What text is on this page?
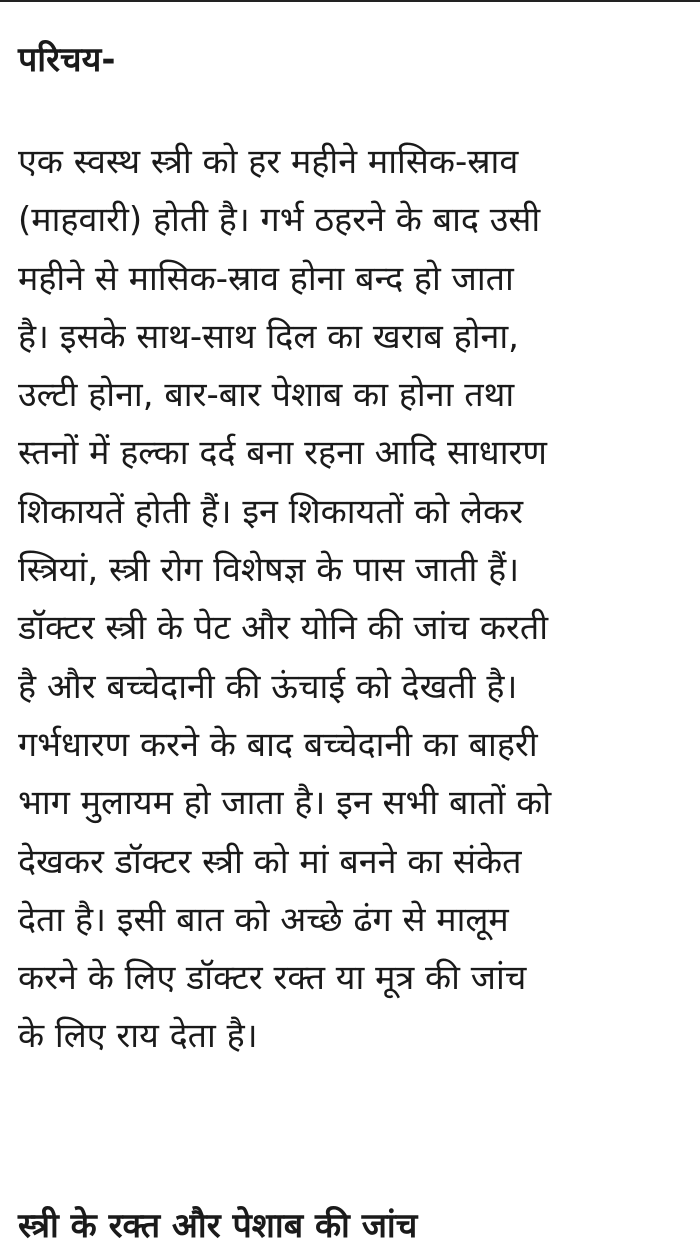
परिचय-
एक स्वस्थ स्त्री को हर महीने मासिक-स्राव
(माहवारी) होती है। गर्भ ठहरने के बाद उसी
महीने से मासिक-स्राव होना बन्द हो जाता
है। इसके साथ-साथ दिल का खराब होना,
उल्टी होना, बार-बार पेशाब का होना तथा
स्तनों में हल्का दर्द बना रहना आदि साधारण
शिकायतें होती हैं। इन शिकायतों को लेकर
स्त्रियां, स्त्री रोग विशेषज्ञ के पास जाती हैं।
डॉक्टर स्त्री के पेट और योनि की जांच करती
है और बच्चेदानी की ऊंचाई को देखती है।
गर्भधारण करने के बाद बच्चेदानी का बाहरी
भाग मुलायम हो जाता है। इन सभी बातों को
देखकर डॉक्टर स्त्री को मां बनने का संकेत
देता है। इसी बात को अच्छे ढंग से मालूम
करने के लिए डॉक्टर रक्त या मूत्र की जांच
के लिए राय देता है।
स्त्री के रक्त और पेशाब की जांच
